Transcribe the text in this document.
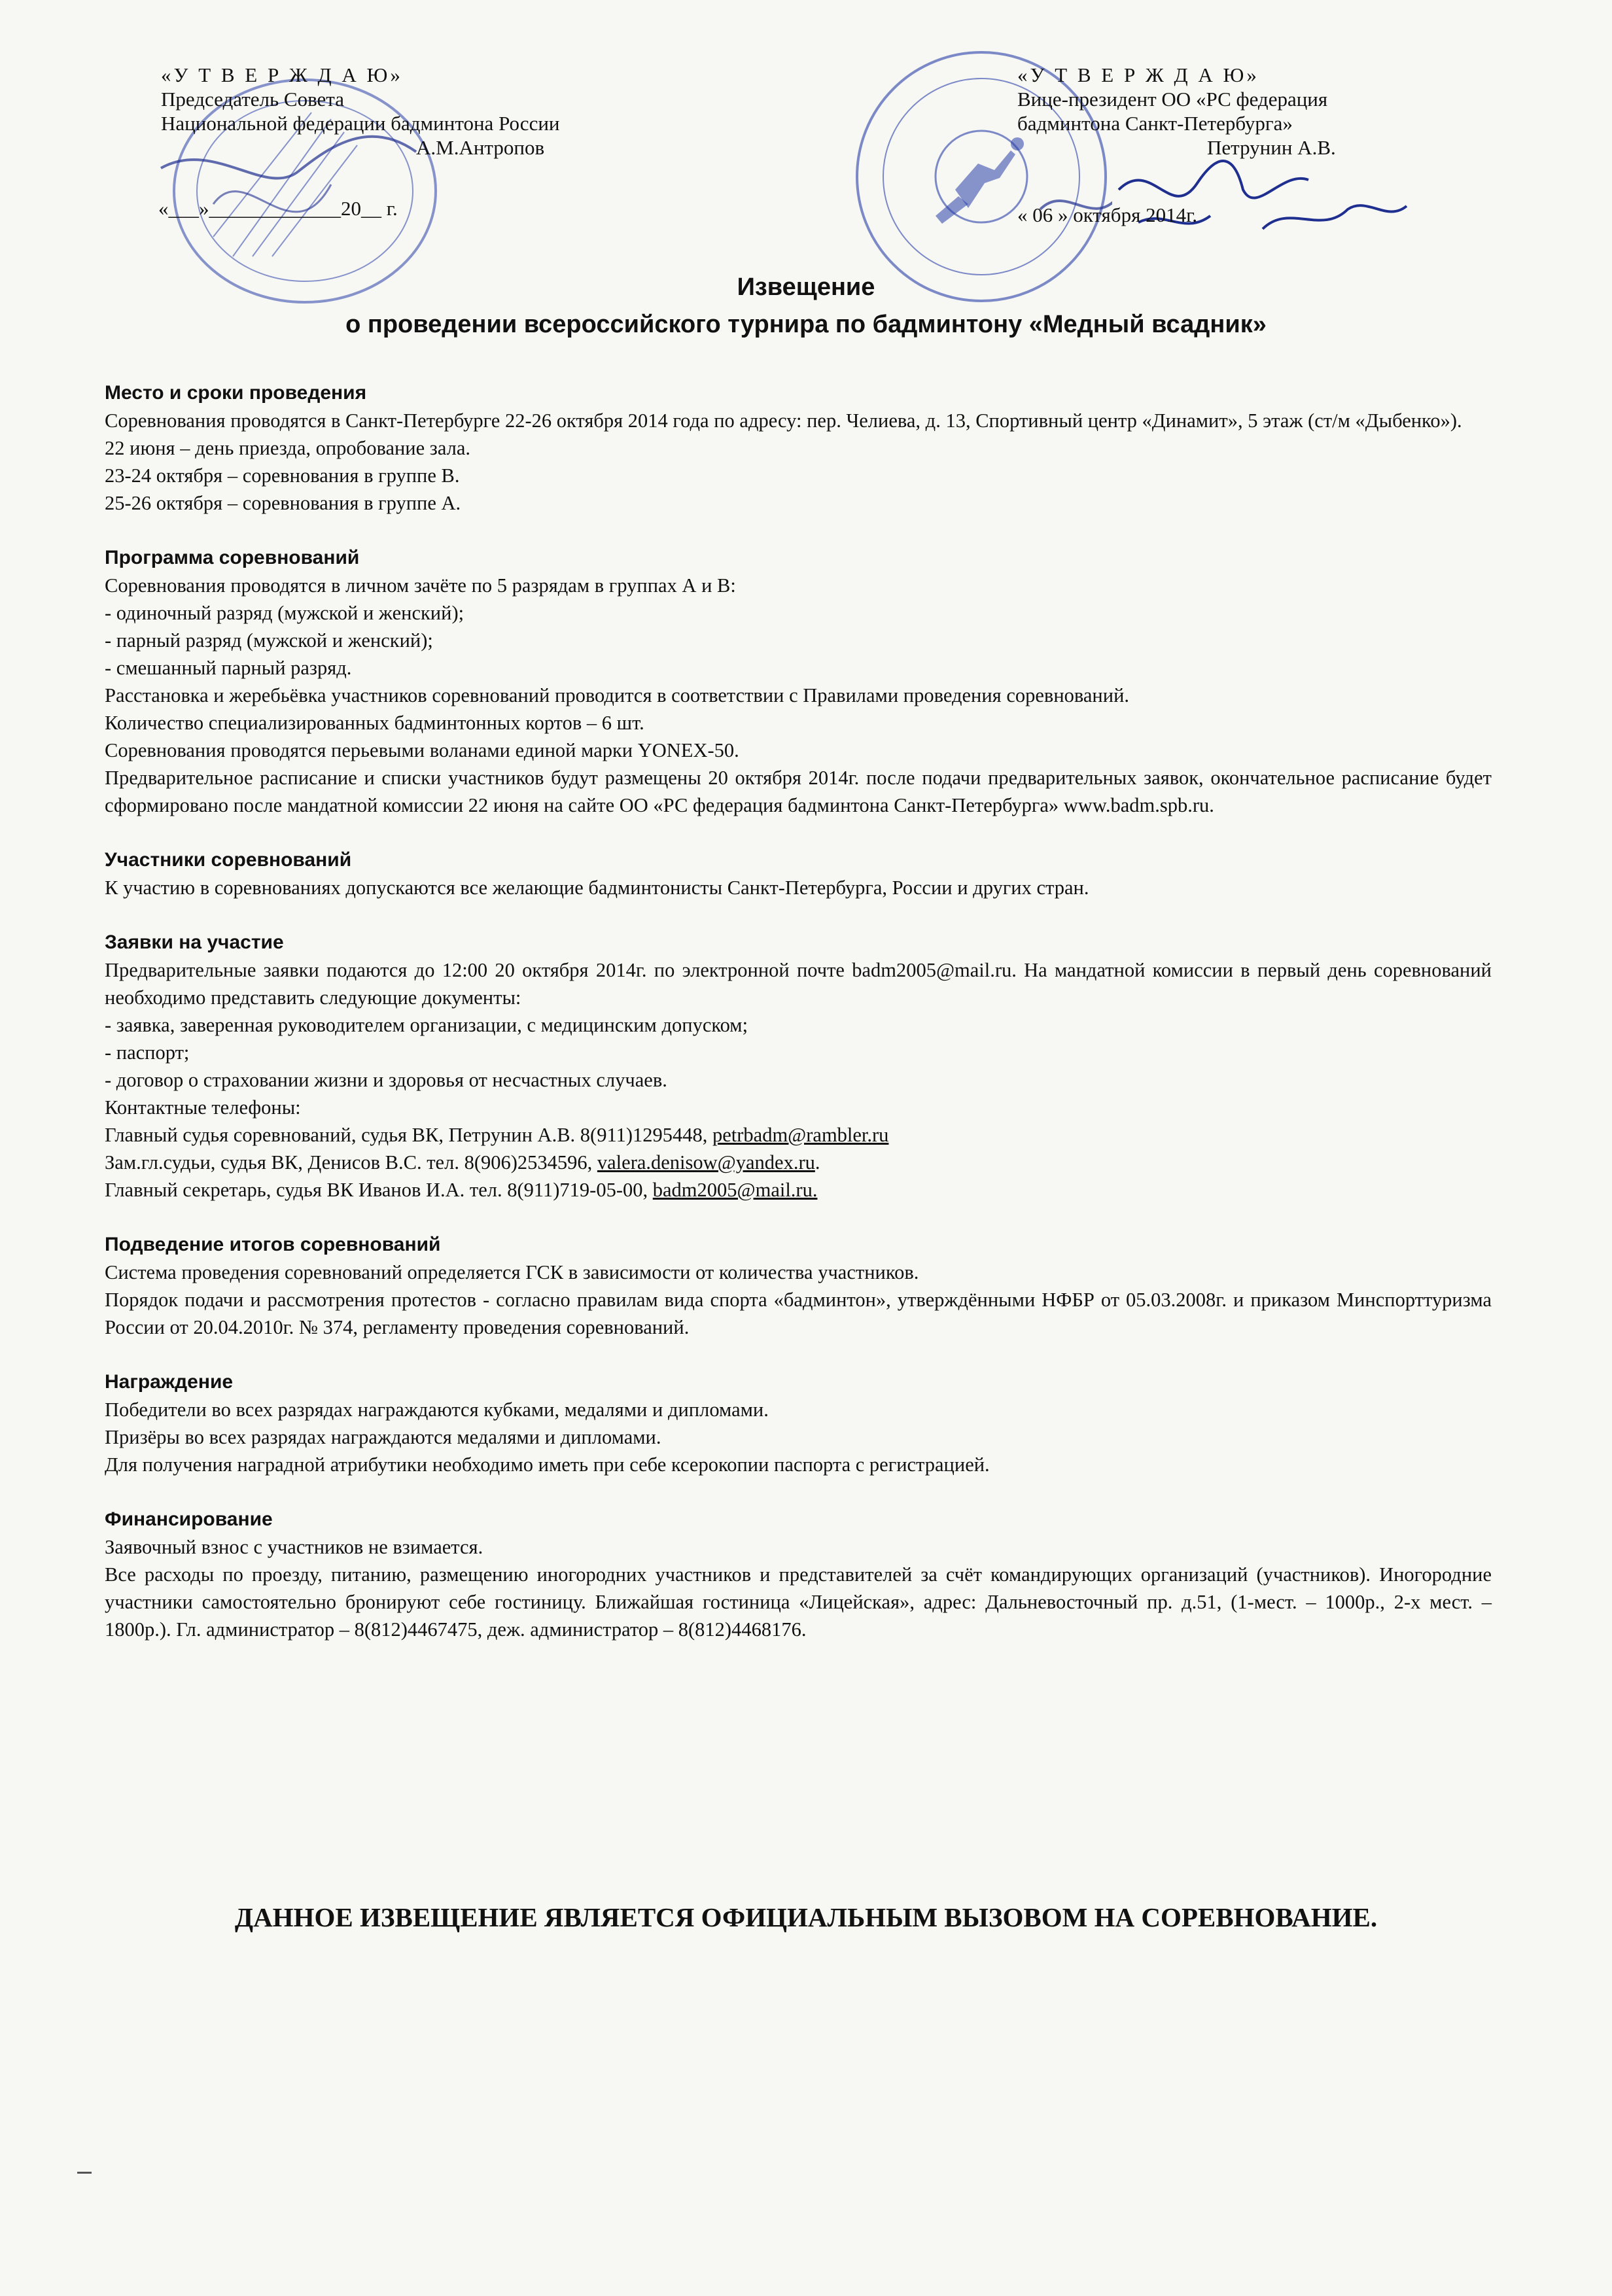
«У Т В Е Р Ж Д А Ю»
Председатель Совета
Национальной федерации бадминтона России
А.М.Антропов
«___»_____________20__ г.
«У Т В Е Р Ж Д А Ю»
Вице-президент ОО «РС федерация
бадминтона Санкт-Петербурга»
Петрунин А.В.
« 06 » октября 2014г.
Извещение
о проведении всероссийского турнира по бадминтону «Медный всадник»
Место и сроки проведения

Соревнования проводятся в Санкт-Петербурге 22-26 октября 2014 года по адресу: пер. Челиева, д. 13, Спортивный центр «Динамит», 5 этаж (ст/м «Дыбенко»).

22 июня – день приезда, опробование зала.

23-24 октября – соревнования в группе В.

25-26 октября – соревнования в группе А.

Программа соревнований

Соревнования проводятся в личном зачёте по 5 разрядам в группах А и В:

- одиночный разряд (мужской и женский);

- парный разряд (мужской и женский);

- смешанный парный разряд.

Расстановка и жеребьёвка участников соревнований проводится в соответствии с Правилами проведения соревнований.

Количество специализированных бадминтонных кортов – 6 шт.

Соревнования проводятся перьевыми воланами единой марки YONEX-50.

Предварительное расписание и списки участников будут размещены 20 октября 2014г. после подачи предварительных заявок, окончательное расписание будет сформировано после мандатной комиссии 22 июня на сайте ОО «РС федерация бадминтона Санкт-Петербурга» www.badm.spb.ru.

Участники соревнований

К участию в соревнованиях допускаются все желающие бадминтонисты Санкт-Петербурга, России и других стран.

Заявки на участие

Предварительные заявки подаются до 12:00 20 октября 2014г. по электронной почте badm2005@mail.ru. На мандатной комиссии в первый день соревнований необходимо представить следующие документы:

- заявка, заверенная руководителем организации, с медицинским допуском;

- паспорт;

- договор о страховании жизни и здоровья от несчастных случаев.

Контактные телефоны:

Главный судья соревнований, судья ВК, Петрунин А.В. 8(911)1295448, petrbadm@rambler.ru

Зам.гл.судьи, судья ВК, Денисов В.С. тел. 8(906)2534596, valera.denisow@yandex.ru.

Главный секретарь, судья ВК Иванов И.А. тел. 8(911)719-05-00, badm2005@mail.ru.

Подведение итогов соревнований

Система проведения соревнований определяется ГСК в зависимости от количества участников.

Порядок подачи и рассмотрения протестов - согласно правилам вида спорта «бадминтон», утверждёнными НФБР от 05.03.2008г. и приказом Минспорттуризма России от 20.04.2010г. № 374, регламенту проведения соревнований.

Награждение

Победители во всех разрядах награждаются кубками, медалями и дипломами.

Призёры во всех разрядах награждаются медалями и дипломами.

Для получения наградной атрибутики необходимо иметь при себе ксерокопии паспорта с регистрацией.

Финансирование

Заявочный взнос с участников не взимается.

Все расходы по проезду, питанию, размещению иногородних участников и представителей за счёт командирующих организаций (участников). Иногородние участники самостоятельно бронируют себе гостиницу. Ближайшая гостиница «Лицейская», адрес: Дальневосточный пр. д.51, (1-мест. – 1000р., 2-х мест. – 1800р.). Гл. администратор – 8(812)4467475, деж. администратор – 8(812)4468176.

ДАННОЕ ИЗВЕЩЕНИЕ ЯВЛЯЕТСЯ ОФИЦИАЛЬНЫМ ВЫЗОВОМ НА СОРЕВНОВАНИЕ.
